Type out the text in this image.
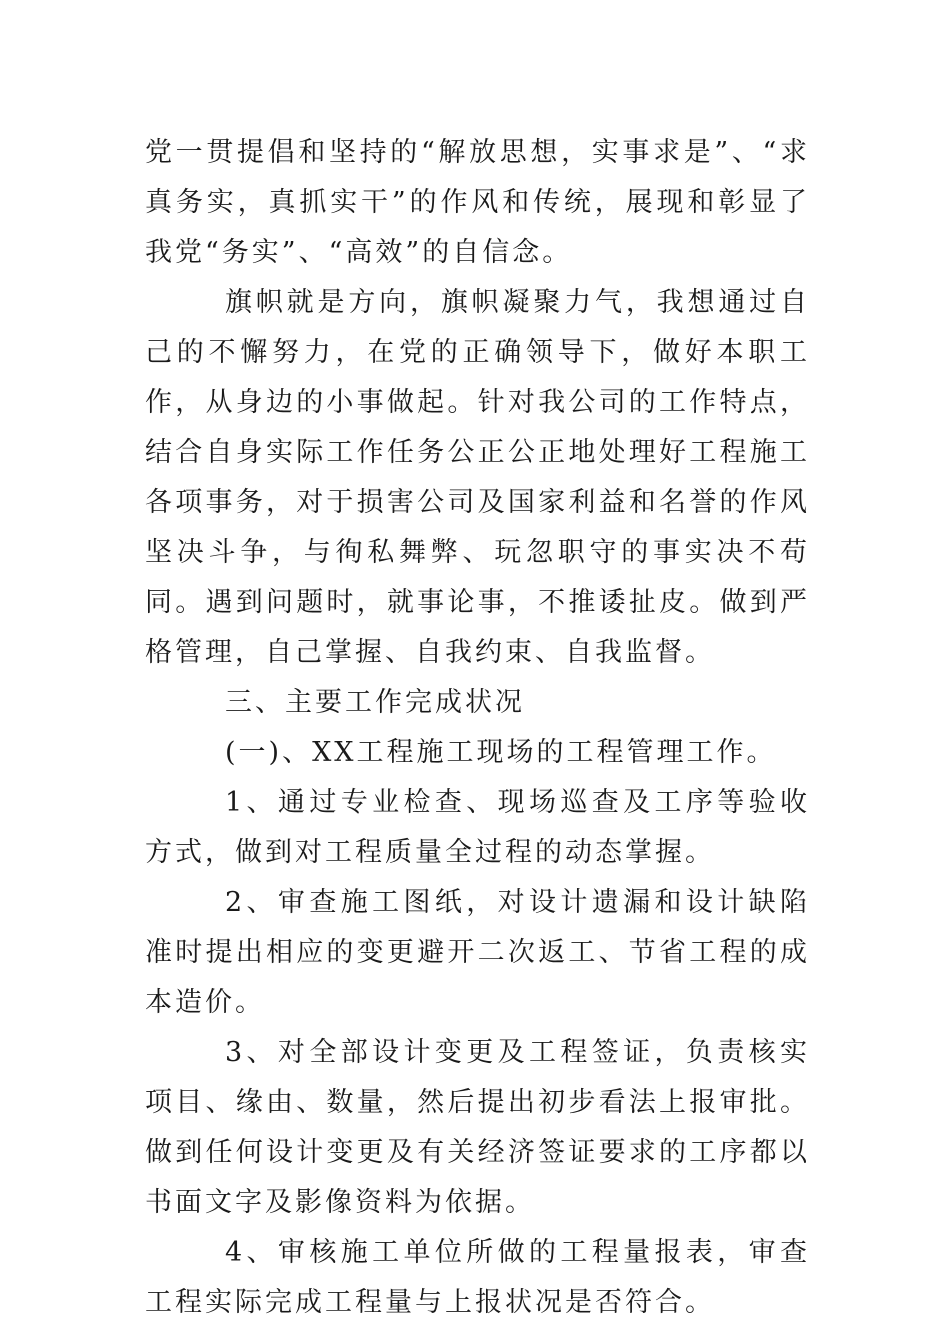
党一贯提倡和坚持的“解放思想，实事求是”、“求真务实，真抓实干”的作风和传统，展现和彰显了我党“务实”、“高效”的自信念。

旗帜就是方向，旗帜凝聚力气，我想通过自己的不懈努力，在党的正确领导下，做好本职工作，从身边的小事做起。针对我公司的工作特点，结合自身实际工作任务公正公正地处理好工程施工各项事务，对于损害公司及国家利益和名誉的作风坚决斗争，与徇私舞弊、玩忽职守的事实决不苟同。遇到问题时，就事论事，不推诿扯皮。做到严格管理，自己掌握、自我约束、自我监督。

三、主要工作完成状况

(一)、XX工程施工现场的工程管理工作。

1、通过专业检查、现场巡查及工序等验收方式，做到对工程质量全过程的动态掌握。

2、审查施工图纸，对设计遗漏和设计缺陷准时提出相应的变更避开二次返工、节省工程的成本造价。

3、对全部设计变更及工程签证，负责核实项目、缘由、数量，然后提出初步看法上报审批。做到任何设计变更及有关经济签证要求的工序都以书面文字及影像资料为依据。

4、审核施工单位所做的工程量报表，审查工程实际完成工程量与上报状况是否符合。
